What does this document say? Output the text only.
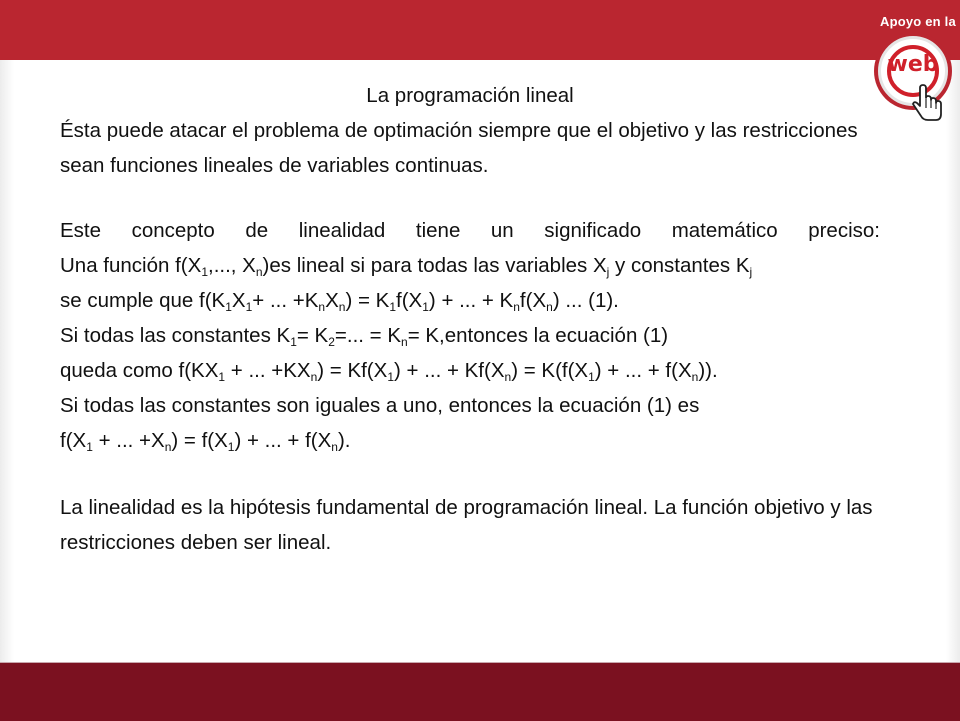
Apoyo en la
web

La programación lineal

Ésta puede atacar el problema de optimación siempre que el objetivo y las restricciones sean funciones lineales de variables continuas.

Este concepto de linealidad tiene un significado matemático preciso:

Una función $f(X_1$,..., $X_n)es$ lineal si para todas las variables $X_j$ y constantes $K_j$

se cumple que $f(K_1X_1+$ ... $+K_nX_n) = K_1f(X_1)$ + ... + $K_nf(X_n)$ ... (1).

Si todas las constantes $K_1= K_2=$... = $K_n=$ K,entonces la ecuación (1)

queda como $f(KX_1$ + ... $+KX_n) = Kf(X_1)$ + ... + $Kf(X_n) = K(f(X_1)$ + ... + $f(X_n)$).

Si todas las constantes son iguales a uno, entonces la ecuación (1) es

$f(X_1$ + ... $+X_n) = f(X_1)$ + ... + $f(X_n)$.

La linealidad es la hipótesis fundamental de programación lineal. La función objetivo y las restricciones deben ser lineal.
